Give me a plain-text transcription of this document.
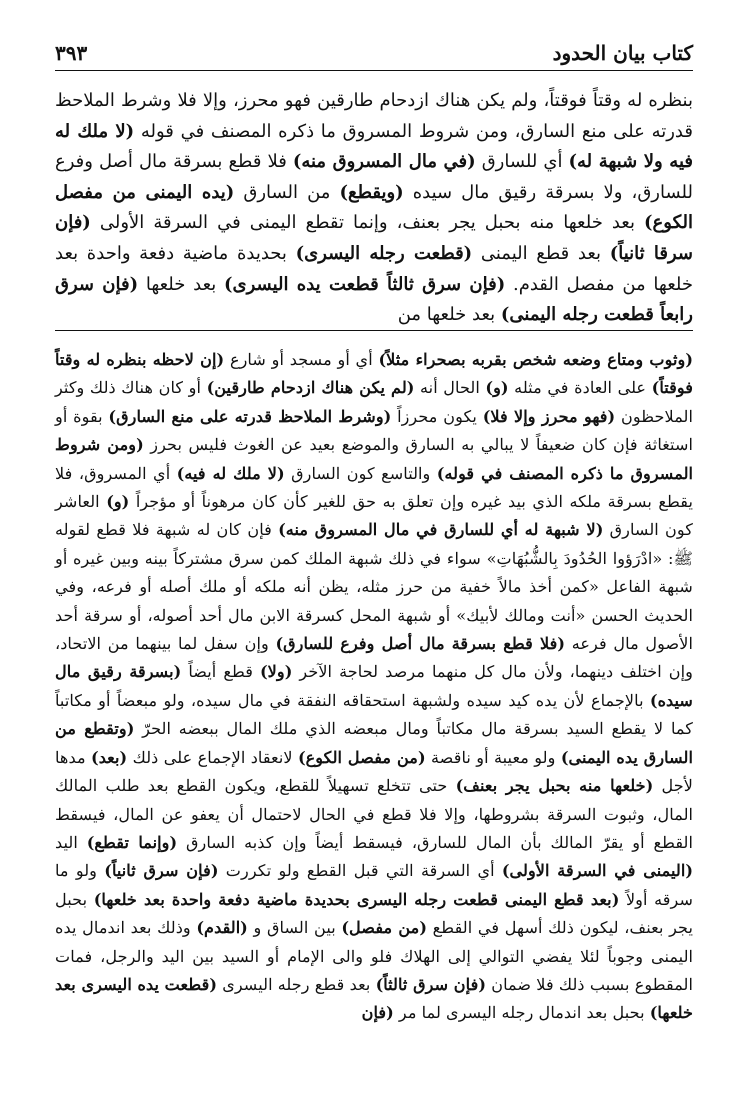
كتاب بيان الحدود
٣٩٣

بنظره له وقتاً فوقتاً، ولم يكن هناك ازدحام طارقين فهو محرز، وإلا فلا وشرط الملاحظ قدرته على منع السارق، ومن شروط المسروق ما ذكره المصنف في قوله (لا ملك له فيه ولا شبهة له) أي للسارق (في مال المسروق منه) فلا قطع بسرقة مال أصل وفرع للسارق، ولا بسرقة رقيق مال سيده (ويقطع) من السارق (يده اليمنى من مفصل الكوع) بعد خلعها منه بحبل يجر بعنف، وإنما تقطع اليمنى في السرقة الأولى (فإن سرقا ثانياً) بعد قطع اليمنى (قطعت رجله اليسرى) بحديدة ماضية دفعة واحدة بعد خلعها من مفصل القدم. (فإن سرق ثالثاً قطعت يده اليسرى) بعد خلعها (فإن سرق رابعاً قطعت رجله اليمنى) بعد خلعها من

(وثوب ومتاع وضعه شخص بقربه بصحراء مثلاً) أي أو مسجد أو شارع (إن لاحظه بنظره له وقتاً فوقتاً) على العادة في مثله (و) الحال أنه (لم يكن هناك ازدحام طارقين) أو كان هناك ذلك وكثر الملاحظون (فهو محرز وإلا فلا) يكون محرزاً (وشرط الملاحظ قدرته على منع السارق) بقوة أو استغاثة فإن كان ضعيفاً لا يبالي به السارق والموضع بعيد عن الغوث فليس بحرز (ومن شروط المسروق ما ذكره المصنف في قوله) والتاسع كون السارق (لا ملك له فيه) أي المسروق، فلا يقطع بسرقة ملكه الذي بيد غيره وإن تعلق به حق للغير كأن كان مرهوناً أو مؤجراً (و) العاشر كون السارق (لا شبهة له أي للسارق في مال المسروق منه) فإن كان له شبهة فلا قطع لقوله ﷺ: «ادْرَؤوا الحُدُودَ بِالشُّبُهَاتِ» سواء في ذلك شبهة الملك كمن سرق مشتركاً بينه وبين غيره أو شبهة الفاعل «كمن أخذ مالاً خفية من حرز مثله، يظن أنه ملكه أو ملك أصله أو فرعه، وفي الحديث الحسن «أنت ومالك لأبيك» أو شبهة المحل كسرقة الابن مال أحد أصوله، أو سرقة أحد الأصول مال فرعه (فلا قطع بسرقة مال أصل وفرع للسارق) وإن سفل لما بينهما من الاتحاد، وإن اختلف دينهما، ولأن مال كل منهما مرصد لحاجة الآخر (ولا) قطع أيضاً (بسرقة رقيق مال سيده) بالإجماع لأن يده كيد سيده ولشبهة استحقاقه النفقة في مال سيده، ولو مبعضاً أو مكاتباً كما لا يقطع السيد بسرقة مال مكاتباً ومال مبعضه الذي ملك المال ببعضه الحرّ (وتقطع من السارق يده اليمنى) ولو معيبة أو ناقصة (من مفصل الكوع) لانعقاد الإجماع على ذلك (بعد) مدها لأجل (خلعها منه بحبل يجر بعنف) حتى تتخلع تسهيلاً للقطع، ويكون القطع بعد طلب المالك المال، وثبوت السرقة بشروطها، وإلا فلا قطع في الحال لاحتمال أن يعفو عن المال، فيسقط القطع أو يقرّ المالك بأن المال للسارق، فيسقط أيضاً وإن كذبه السارق (وإنما تقطع) اليد (اليمنى في السرقة الأولى) أي السرقة التي قبل القطع ولو تكررت (فإن سرق ثانياً) ولو ما سرقه أولاً (بعد قطع اليمنى قطعت رجله اليسرى بحديدة ماضية دفعة واحدة بعد خلعها) بحبل يجر بعنف، ليكون ذلك أسهل في القطع (من مفصل) بين الساق و (القدم) وذلك بعد اندمال يده اليمنى وجوباً لئلا يفضي التوالي إلى الهلاك فلو والى الإمام أو السيد بين اليد والرجل، فمات المقطوع بسبب ذلك فلا ضمان (فإن سرق ثالثاً) بعد قطع رجله اليسرى (قطعت يده اليسرى بعد خلعها) بحبل بعد اندمال رجله اليسرى لما مر (فإن
